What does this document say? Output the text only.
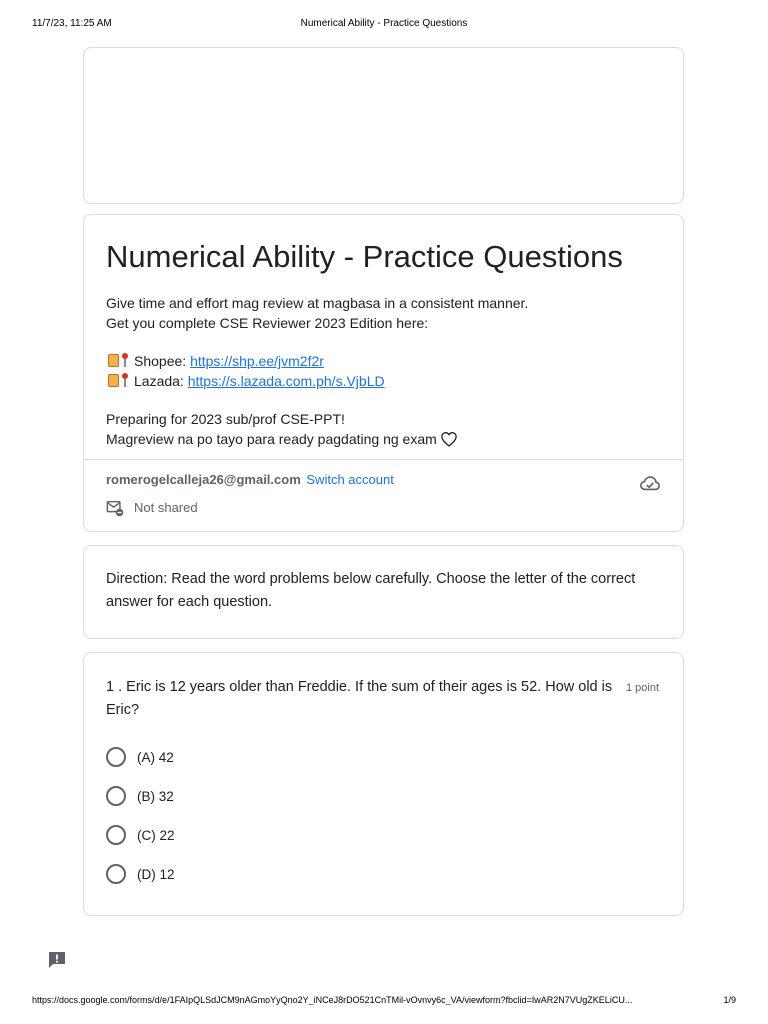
11/7/23, 11:25 AM	Numerical Ability - Practice Questions
Numerical Ability - Practice Questions
Give time and effort mag review at magbasa in a consistent manner.
Get you complete CSE Reviewer 2023 Edition here:
Shopee: https://shp.ee/jvm2f2r
Lazada: https://s.lazada.com.ph/s.VjbLD
Preparing for 2023 sub/prof CSE-PPT!
Magreview na po tayo para ready pagdating ng exam
romerogelcalleja26@gmail.com Switch account
Not shared
Direction: Read the word problems below carefully. Choose the letter of the correct answer for each question.
1 . Eric is 12 years older than Freddie. If the sum of their ages is 52. How old is Eric?
1 point
(A) 42
(B) 32
(C) 22
(D) 12
https://docs.google.com/forms/d/e/1FAIpQLSdJCM9nAGmoYyQno2Y_iNCeJ8rDO521CnTMil-vOvnvy6c_VA/viewform?fbclid=IwAR2N7VUgZKELiCU...	1/9
